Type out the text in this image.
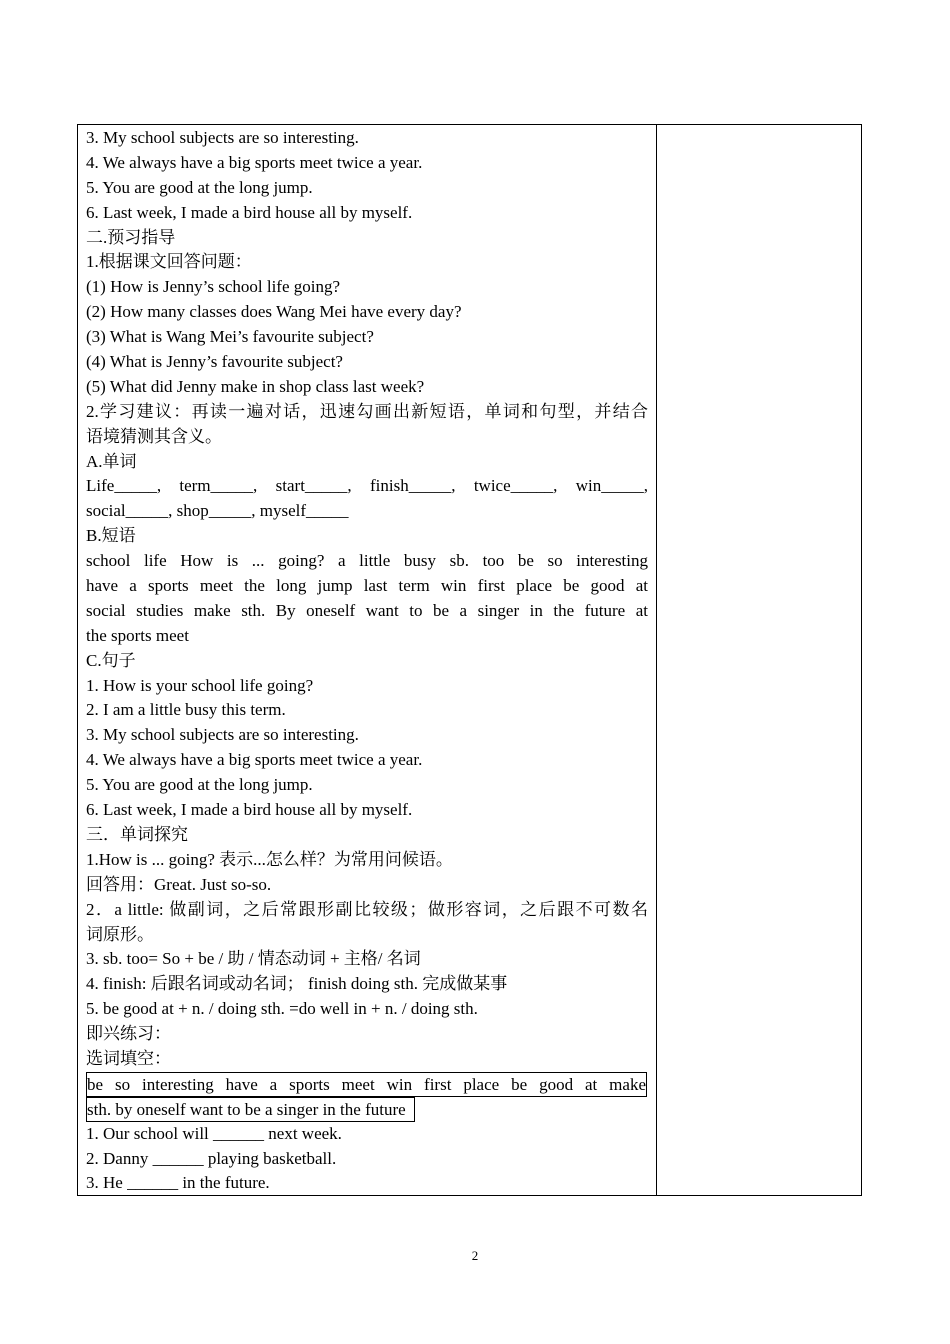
3. My school subjects are so interesting.
4. We always have a big sports meet twice a year.
5. You are good at the long jump.
6. Last week, I made a bird house all by myself.
二.预习指导
1.根据课文回答问题：
(1) How is Jenny’s school life going?
(2) How many classes does Wang Mei have every day?
(3) What is Wang Mei’s favourite subject?
(4) What is Jenny’s favourite subject?
(5) What did Jenny make in shop class last week?
2.学习建议：再读一遍对话，迅速勾画出新短语，单词和句型，并结合
语境猜测其含义。
A.单词
Life_____, term_____, start_____, finish_____, twice_____, win_____,
social_____, shop_____, myself_____
B.短语
school life How is ... going? a little busy sb. too be so interesting
have a sports meet the long jump last term win first place be good at
social studies make sth. By oneself want to be a singer in the future at
the sports meet
C.句子
1. How is your school life going?
2. I am a little busy this term.
3. My school subjects are so interesting.
4. We always have a big sports meet twice a year.
5. You are good at the long jump.
6. Last week, I made a bird house all by myself.
三．单词探究
1.How is ... going? 表示...怎么样？为常用问候语。
回答用：Great. Just so-so.
2．a little: 做副词，之后常跟形副比较级；做形容词，之后跟不可数名
词原形。
3. sb. too= So + be / 助 / 情态动词 + 主格/ 名词
4. finish: 后跟名词或动名词； finish doing sth. 完成做某事
5. be good at + n. / doing sth. =do well in + n. / doing sth.
即兴练习：
选词填空：
be so interesting have a sports meet win first place be good at make
sth. by oneself want to be a singer in the future
1. Our school will ______ next week.
2. Danny ______ playing basketball.
3. He ______ in the future.
2
